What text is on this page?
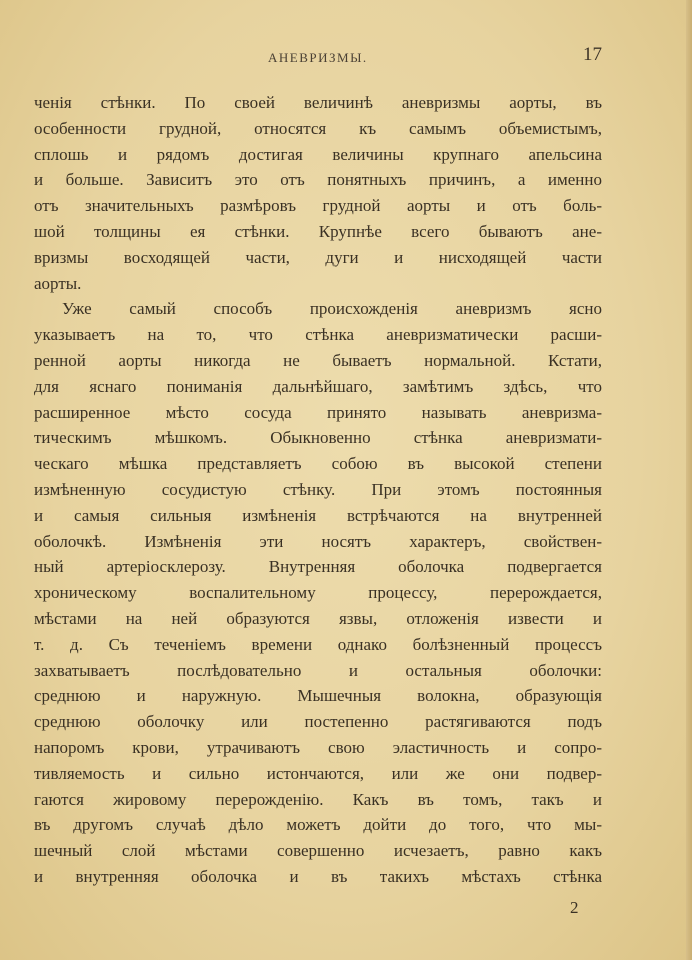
АНЕВРИЗМЫ.	17
ченія стѣнки. По своей величинѣ аневризмы аорты, въ
особенности грудной, относятся къ самымъ объемистымъ,
сплошь и рядомъ достигая величины крупнаго апельсина
и больше. Зависитъ это отъ понятныхъ причинъ, а именно
отъ значительныхъ размѣровъ грудной аорты и отъ боль-
шой толщины ея стѣнки. Крупнѣе всего бываютъ ане-
вризмы восходящей части, дуги и нисходящей части
аорты.
Уже самый способъ происхожденія аневризмъ ясно
указываетъ на то, что стѣнка аневризматически расши-
ренной аорты никогда не бываетъ нормальной. Кстати,
для яснаго пониманія дальнѣйшаго, замѣтимъ здѣсь, что
расширенное мѣсто сосуда принято называть аневризма-
тическимъ мѣшкомъ. Обыкновенно стѣнка аневризмати-
ческаго мѣшка представляетъ собою въ высокой степени
измѣненную сосудистую стѣнку. При этомъ постоянныя
и самыя сильныя измѣненія встрѣчаются на внутренней
оболочкѣ. Измѣненія эти носятъ характеръ, свойствен-
ный артеріосклерозу. Внутренняя оболочка подвергается
хроническому воспалительному процессу, перерождается,
мѣстами на ней образуются язвы, отложенія извести и
т. д. Съ теченіемъ времени однако болѣзненный процессъ
захватываетъ послѣдовательно и остальныя оболочки:
среднюю и наружную. Мышечныя волокна, образующія
среднюю оболочку или постепенно растягиваются подъ
напоромъ крови, утрачиваютъ свою эластичность и сопро-
тивляемость и сильно истончаются, или же они подвер-
гаются жировому перерожденію. Какъ въ томъ, такъ и
въ другомъ случаѣ дѣло можетъ дойти до того, что мы-
шечный слой мѣстами совершенно исчезаетъ, равно какъ
и внутренняя оболочка и въ такихъ мѣстахъ стѣнка
2
